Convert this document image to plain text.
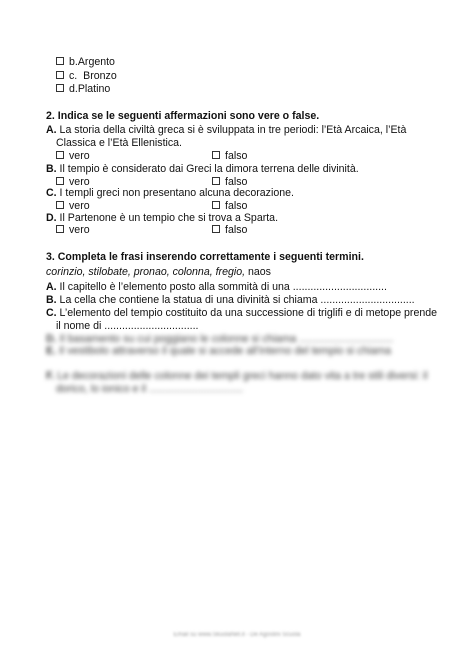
b.Argento
c. Bronzo
d.Platino
2. Indica se le seguenti affermazioni sono vere o false.
A. La storia della civiltà greca si è sviluppata in tre periodi: l’Età Arcaica, l’Età
Classica e l’Età Ellenistica.
vero	falso
B. Il tempio è considerato dai Greci la dimora terrena delle divinità.
vero	falso
C. I templi greci non presentano alcuna decorazione.
vero	falso
D. Il Partenone è un tempio che si trova a Sparta.
vero	falso
3. Completa le frasi inserendo correttamente i seguenti termini.
corinzio, stilobate, pronao, colonna, fregio, naos
A. Il capitello è l’elemento posto alla sommità di una ................................
B. La cella che contiene la statua di una divinità si chiama ................................
C. L’elemento del tempio costituito da una successione di triglifi e di metope prende
il nome di ................................
D. Il basamento su cui poggiano le colonne si chiama ................................
E. Il vestibolo attraverso il quale si accede all’interno del tempio si chiama
F. Le decorazioni delle colonne dei templi greci hanno dato vita a tre stili diversi: il
dorico, lo ionico e il ................................
Email su www.SkuolaNet.it - De Agostini Scuola
